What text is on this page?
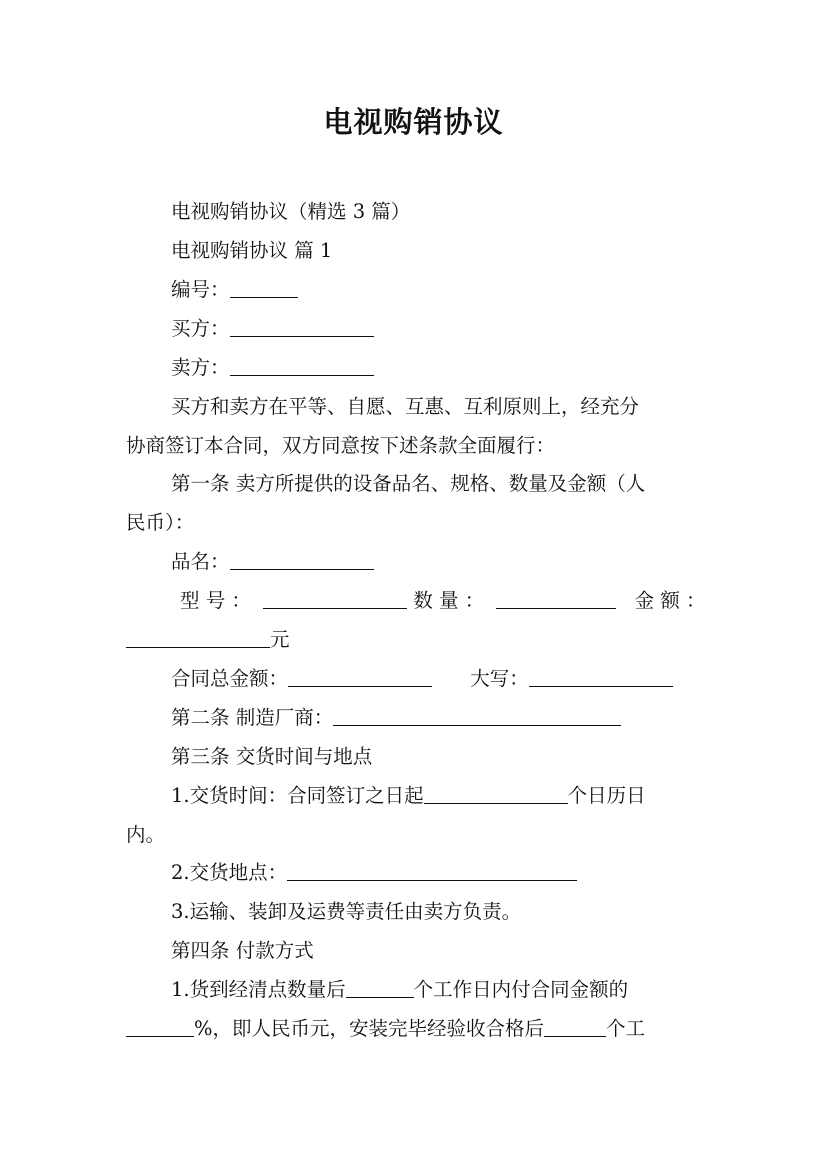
电视购销协议
电视购销协议（精选 3 篇）
电视购销协议 篇 1
编号：
买方：
卖方：
买方和卖方在平等、自愿、互惠、互利原则上，经充分
协商签订本合同，双方同意按下述条款全面履行：
第一条 卖方所提供的设备品名、规格、数量及金额（人
民币）：
品名：
型 号 ：	数 量 ：	金 额 ：
元
合同总金额：	大写：
第二条 制造厂商：
第三条 交货时间与地点
1.交货时间：合同签订之日起	个日历日
内。
2.交货地点：
3.运输、装卸及运费等责任由卖方负责。
第四条 付款方式
1.货到经清点数量后	个工作日内付合同金额的
%，即人民币元，安装完毕经验收合格后	个工
